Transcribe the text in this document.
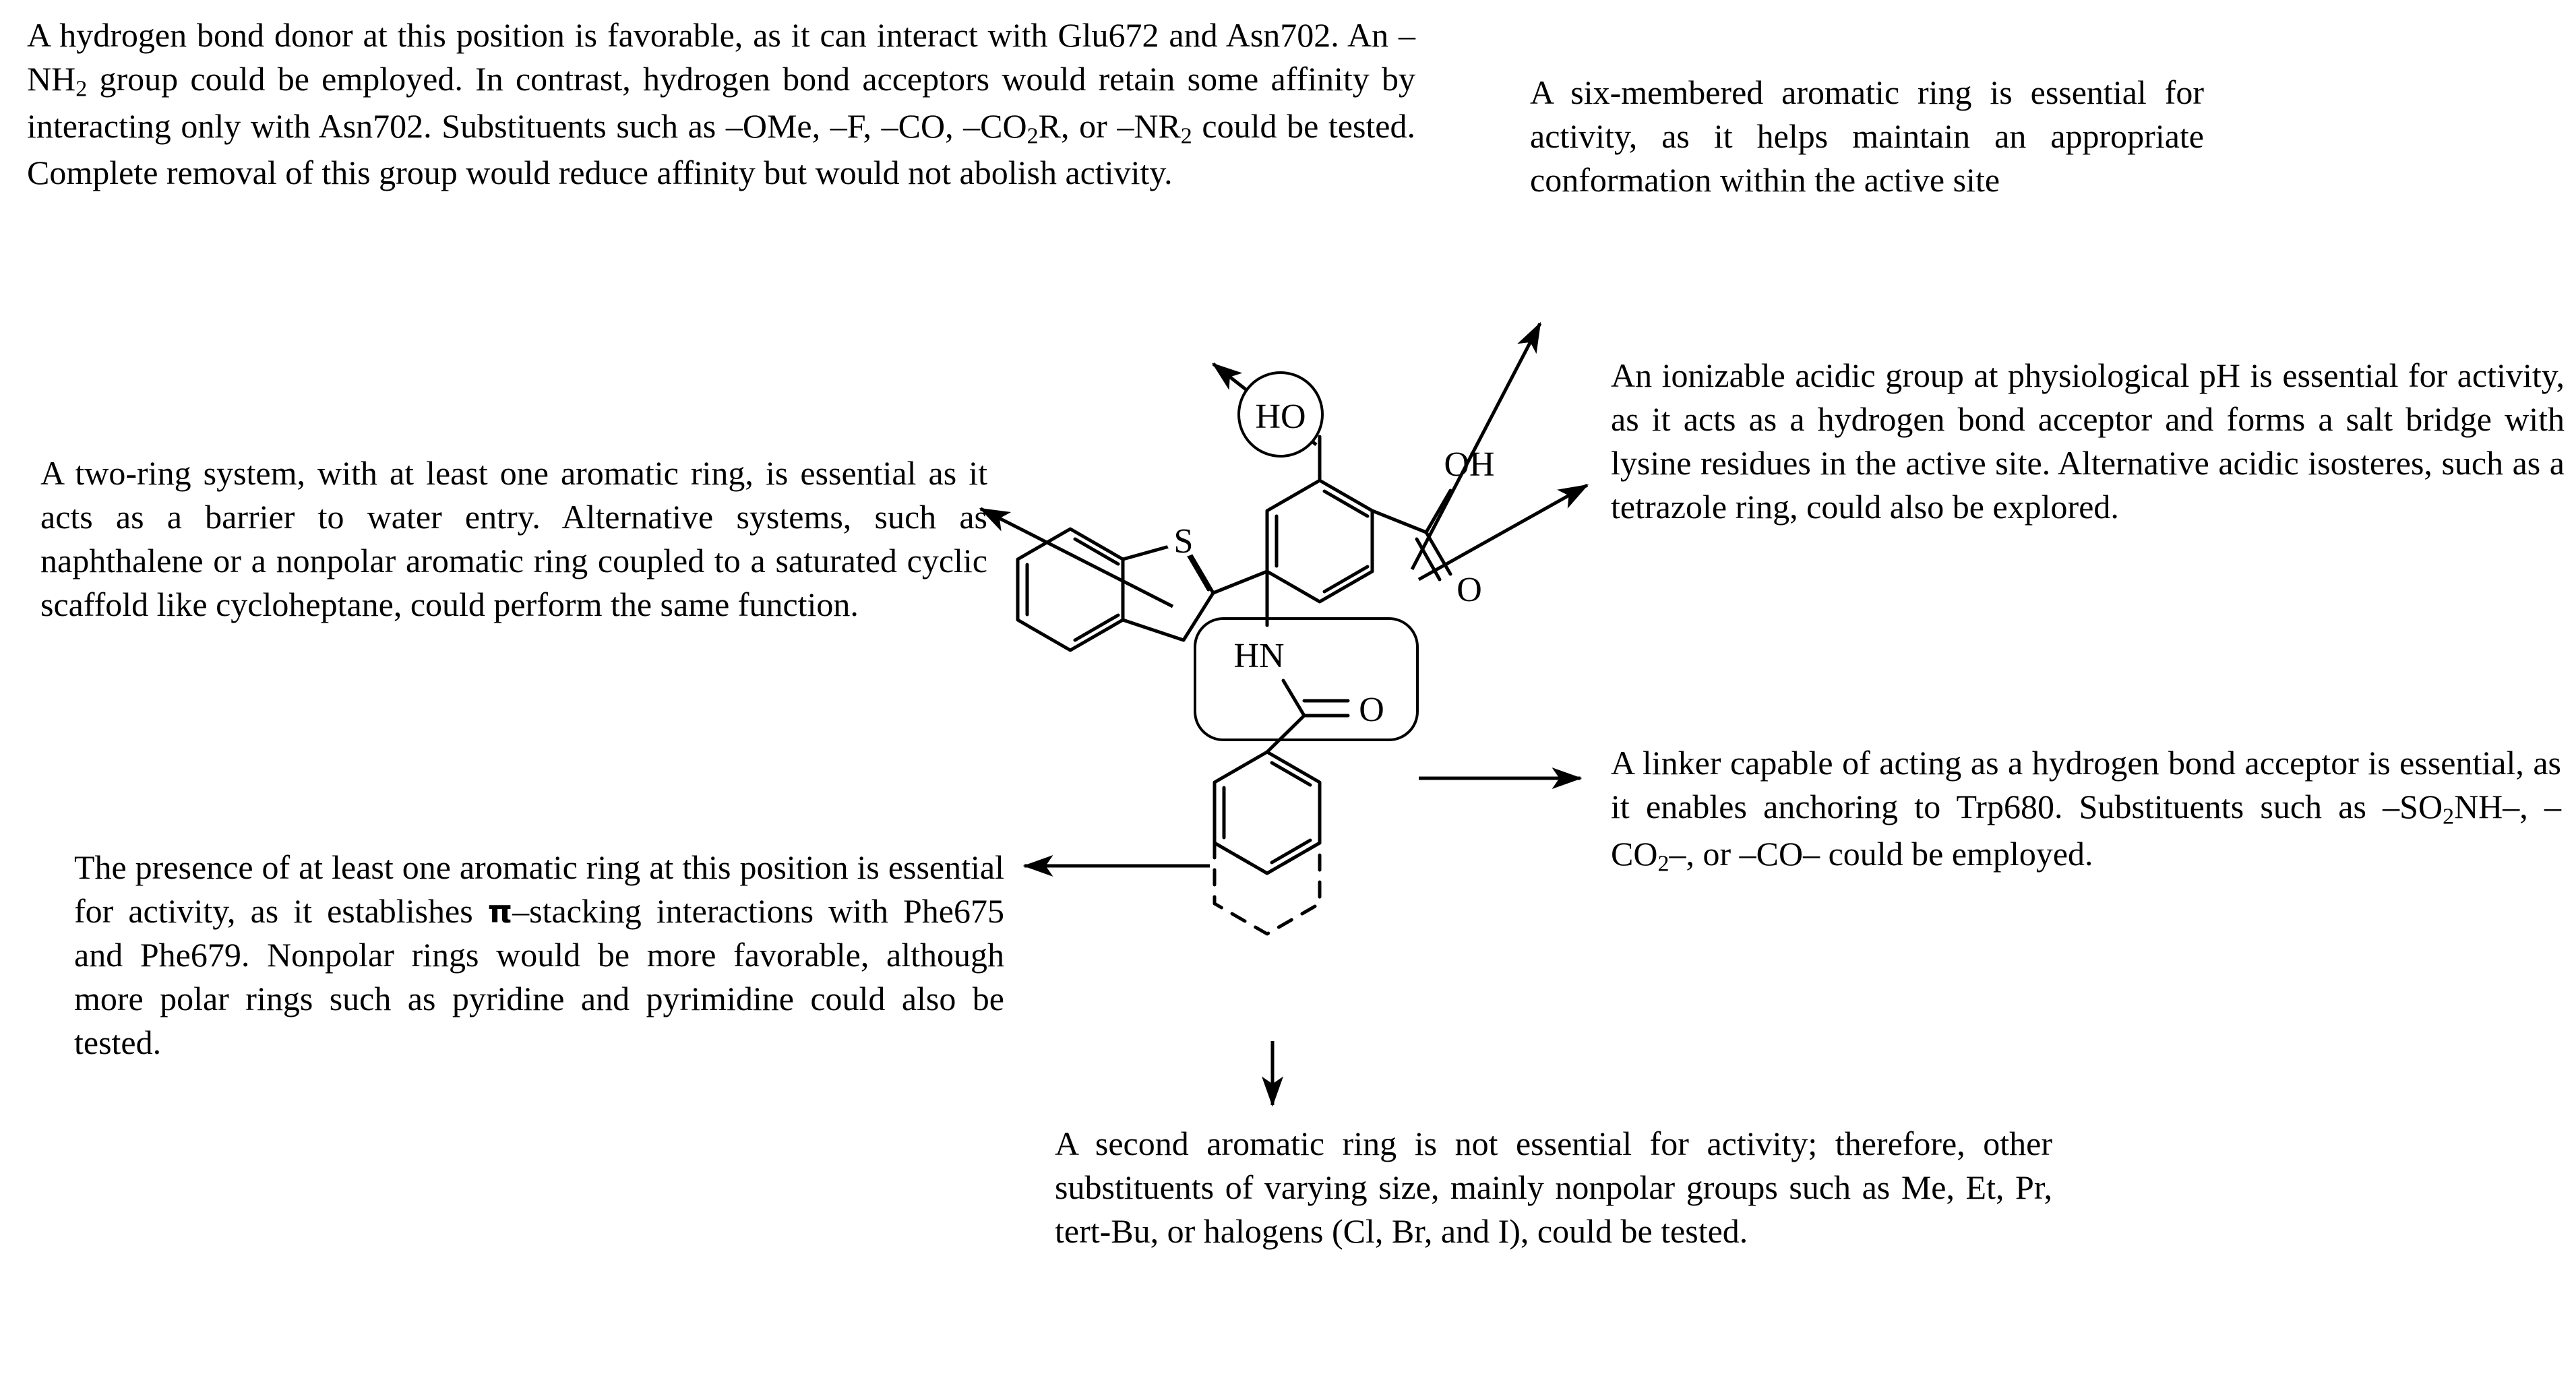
A hydrogen bond donor at this position is favorable, as it can interact with Glu672 and Asn702. An $-NH_2$ group could be employed. In contrast, hydrogen bond acceptors would retain some affinity by interacting only with Asn702. Substituents such as –OMe, –F, –CO, $-CO_2R$, or $-NR_2$ could be tested. Complete removal of this group would reduce affinity but would not abolish activity.
A six-membered aromatic ring is essential for activity, as it helps maintain an appropriate conformation within the active site
An ionizable acidic group at physiological pH is essential for activity, as it acts as a hydrogen bond acceptor and forms a salt bridge with lysine residues in the active site. Alternative acidic isosteres, such as a tetrazole ring, could also be explored.
A two-ring system, with at least one aromatic ring, is essential as it acts as a barrier to water entry. Alternative systems, such as naphthalene or a nonpolar aromatic ring coupled to a saturated cyclic scaffold like cycloheptane, could perform the same function.
A linker capable of acting as a hydrogen bond acceptor is essential, as it enables anchoring to Trp680. Substituents such as $-SO_2NH-$, $-CO_2-$, or –CO– could be employed.
The presence of at least one aromatic ring at this position is essential for activity, as it establishes π–stacking interactions with Phe675 and Phe679. Nonpolar rings would be more favorable, although more polar rings such as pyridine and pyrimidine could also be tested.
A second aromatic ring is not essential for activity; therefore, other substituents of varying size, mainly nonpolar groups such as Me, Et, Pr, tert-Bu, or halogens (Cl, Br, and I), could be tested.
S
HO
OH
O
HN
O
